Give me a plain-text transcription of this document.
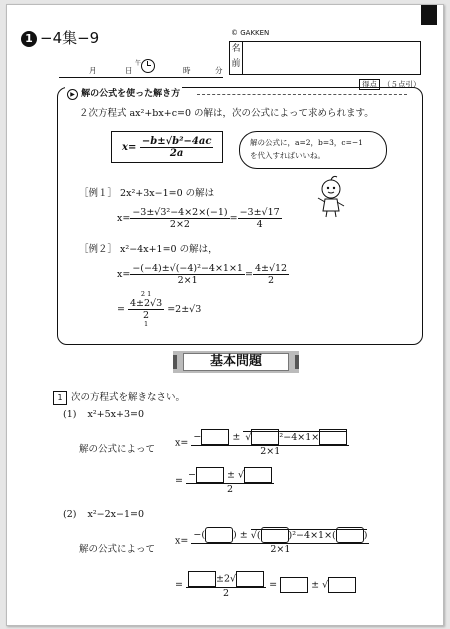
1 −4集−9	© GAKKEN
名
前
月	日
午
時	分
得点 （５点引）
▶ 解の公式を使った解き方
２次方程式 ax²+bx+c=0 の解は，次の公式によって求められます。
$x= \frac{\text{−b±√b²−4ac}}{2a}$	解の公式に，a=2，b=3，c=−1
を代入すればいいね。
［例１］ 2x²+3x−1=0 の解は
$x= \frac{\text{−3±√3²−4×2×(−1)}}{2\times 2} = \frac{-3\pm√17}{4}$
［例２］ x²−4x+1=0 の解は，
$x= \frac{\text{−(−4)±√(−4)²−4×1×1}}{2\times 1} = \frac{4\pm√12}{2}$
=
2 1
4±2√3
2
1
=2±√3
基本問題
1 次の方程式を解きなさい。
(1) x²+5x+3=0
解の公式によって
x= −	± √	²−4×1×
2×1
= −	± √
2
(2) x²−2x−1=0
解の公式によって
x= −(	) ± √(	)²−4×1×(	)
2×1
= $\frac{\pm 2√}{2}$ =	± √
